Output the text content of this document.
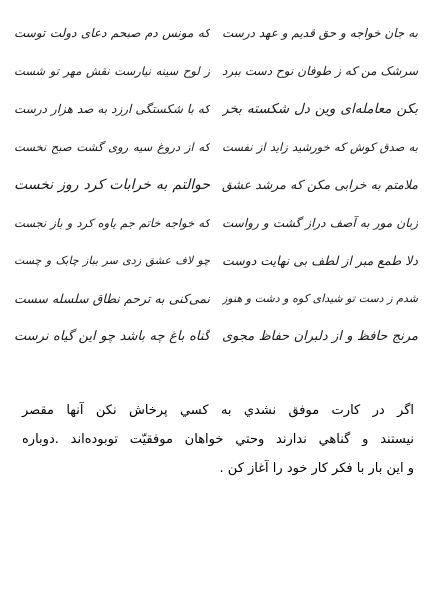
به جان خواجه و حق قدیم و عهد درست
که مونس دم صبحم دعای دولت توست
سرشک من که ز طوفان نوح دست ببرد
ز لوح سینه نیارست نقش مهر تو شست
بکن معامله‌ای وین دل شکسته بخر
که با شکستگی ارزد به صد هزار درست
به صدق کوش که خورشید زاید از نفست
که از دروغ سیه روی گشت صبح نخست
ملامتم به خرابی مکن که مرشد عشق
حوالتم به خرابات کرد روز نخست
زبان مور به آصف دراز گشت و رواست
که خواجه خاتم جم یاوه کرد و باز نجست
دلا طمع مبر از لطف بی نهایت دوست
چو لاف عشق زدی سر بباز چابک و چست
شدم ز دست تو شیدای کوه و دشت و هنوز
نمی‌کنی به ترحم نطاق سلسله سست
مرنج حافظ و از دلبران حفاظ مجوی
گناه باغ چه باشد چو این گیاه نرست
اگر در کارت موفق نشدي به کسي پرخاش نکن آنها مقصر
نيستند و گناهي ندارند وحتي خواهان موفقيّت توبوده‌اند .دوباره
و اين بار با فکر کار خود را آغاز کن .
